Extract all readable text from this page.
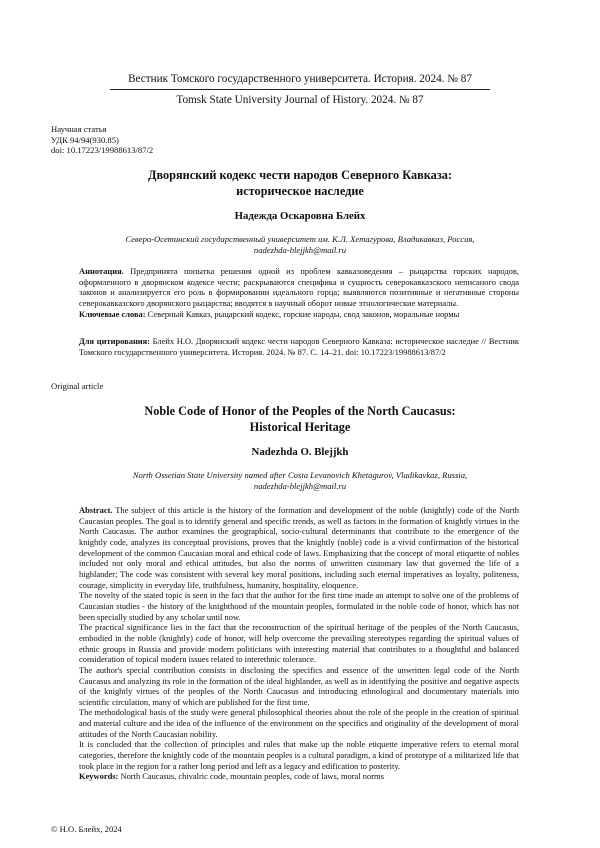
Вестник Томского государственного университета. История. 2024. № 87
Tomsk State University Journal of History. 2024. № 87
Научная статья
УДК 94/94(930.85)
doi: 10.17223/19988613/87/2
Дворянский кодекс чести народов Северного Кавказа:
историческое наследие
Надежда Оскаровна Блейх
Северо-Осетинский государственный университет им. К.Л. Хетагурова, Владикавказ, Россия,
nadezhda-blejjkh@mail.ru

Аннотация. Предпринята попытка решения одной из проблем кавказоведения – рыцарства горских народов, оформленного в дворянском кодексе чести; раскрываются специфика и сущность северокавказского неписаного свода законов и анализируется его роль в формировании идеального горца; выявляются позитивные и негативные стороны северокавказского дворянского рыцарства; вводятся в научный оборот новые этнологические материалы.

Ключевые слова: Северный Кавказ, рыцарский кодекс, горские народы, свод законов, моральные нормы

Для цитирования: Блейх Н.О. Дворянский кодекс чести народов Северного Кавказа: историческое наследие // Вестник Томского государственного университета. История. 2024. № 87. С. 14–21. doi: 10.17223/19988613/87/2

Original article
Noble Code of Honor of the Peoples of the North Caucasus:
Historical Heritage
Nadezhda O. Blejjkh
North Ossetian State University named after Costa Levanovich Khetagurov, Vladikavkaz, Russia,
nadezhda-blejjkh@mail.ru

Abstract. The subject of this article is the history of the formation and development of the noble (knightly) code of the North Caucasian peoples. The goal is to identify general and specific trends, as well as factors in the formation of knightly virtues in the North Caucasus. The author examines the geographical, socio-cultural determinants that contribute to the emergence of the knightly code, analyzes its conceptual provisions, proves that the knightly (noble) code is a vivid confirmation of the historical development of the common Caucasian moral and ethical code of laws. Emphasizing that the concept of moral etiquette of nobles included not only moral and ethical attitudes, but also the norms of unwritten customary law that governed the life of a highlander; The code was consistent with several key moral positions, including such eternal imperatives as loyalty, politeness, courage, simplicity in everyday life, truthfulness, humanity, hospitality, eloquence.

The novelty of the stated topic is seen in the fact that the author for the first time made an attempt to solve one of the problems of Caucasian studies - the history of the knighthood of the mountain peoples, formulated in the noble code of honor, which has not been specially studied by any scholar until now.

The practical significance lies in the fact that the reconstruction of the spiritual heritage of the peoples of the North Caucasus, embodied in the noble (knightly) code of honor, will help overcome the prevailing stereotypes regarding the spiritual values of ethnic groups in Russia and provide modern politicians with interesting material that contributes to a thoughtful and balanced consideration of topical modern issues related to interethnic tolerance.

The author's special contribution consists in disclosing the specifics and essence of the unwritten legal code of the North Caucasus and analyzing its role in the formation of the ideal highlander, as well as in identifying the positive and negative aspects of the knightly virtues of the peoples of the North Caucasus and introducing ethnological and documentary materials into scientific circulation, many of which are published for the first time.

The methodological basis of the study were general philosophical theories about the role of the people in the creation of spiritual and material culture and the idea of the influence of the environment on the specifics and originality of the development of moral attitudes of the North Caucasian nobility.

It is concluded that the collection of principles and rules that make up the noble etiquette imperative refers to eternal moral categories, therefore the knightly code of the mountain peoples is a cultural paradigm, a kind of prototype of a militarized life that took place in the region for a rather long period and left as a legacy and edification to posterity.

Keywords: North Caucasus, chivalric code, mountain peoples, code of laws, moral norms

© Н.О. Блейх, 2024
